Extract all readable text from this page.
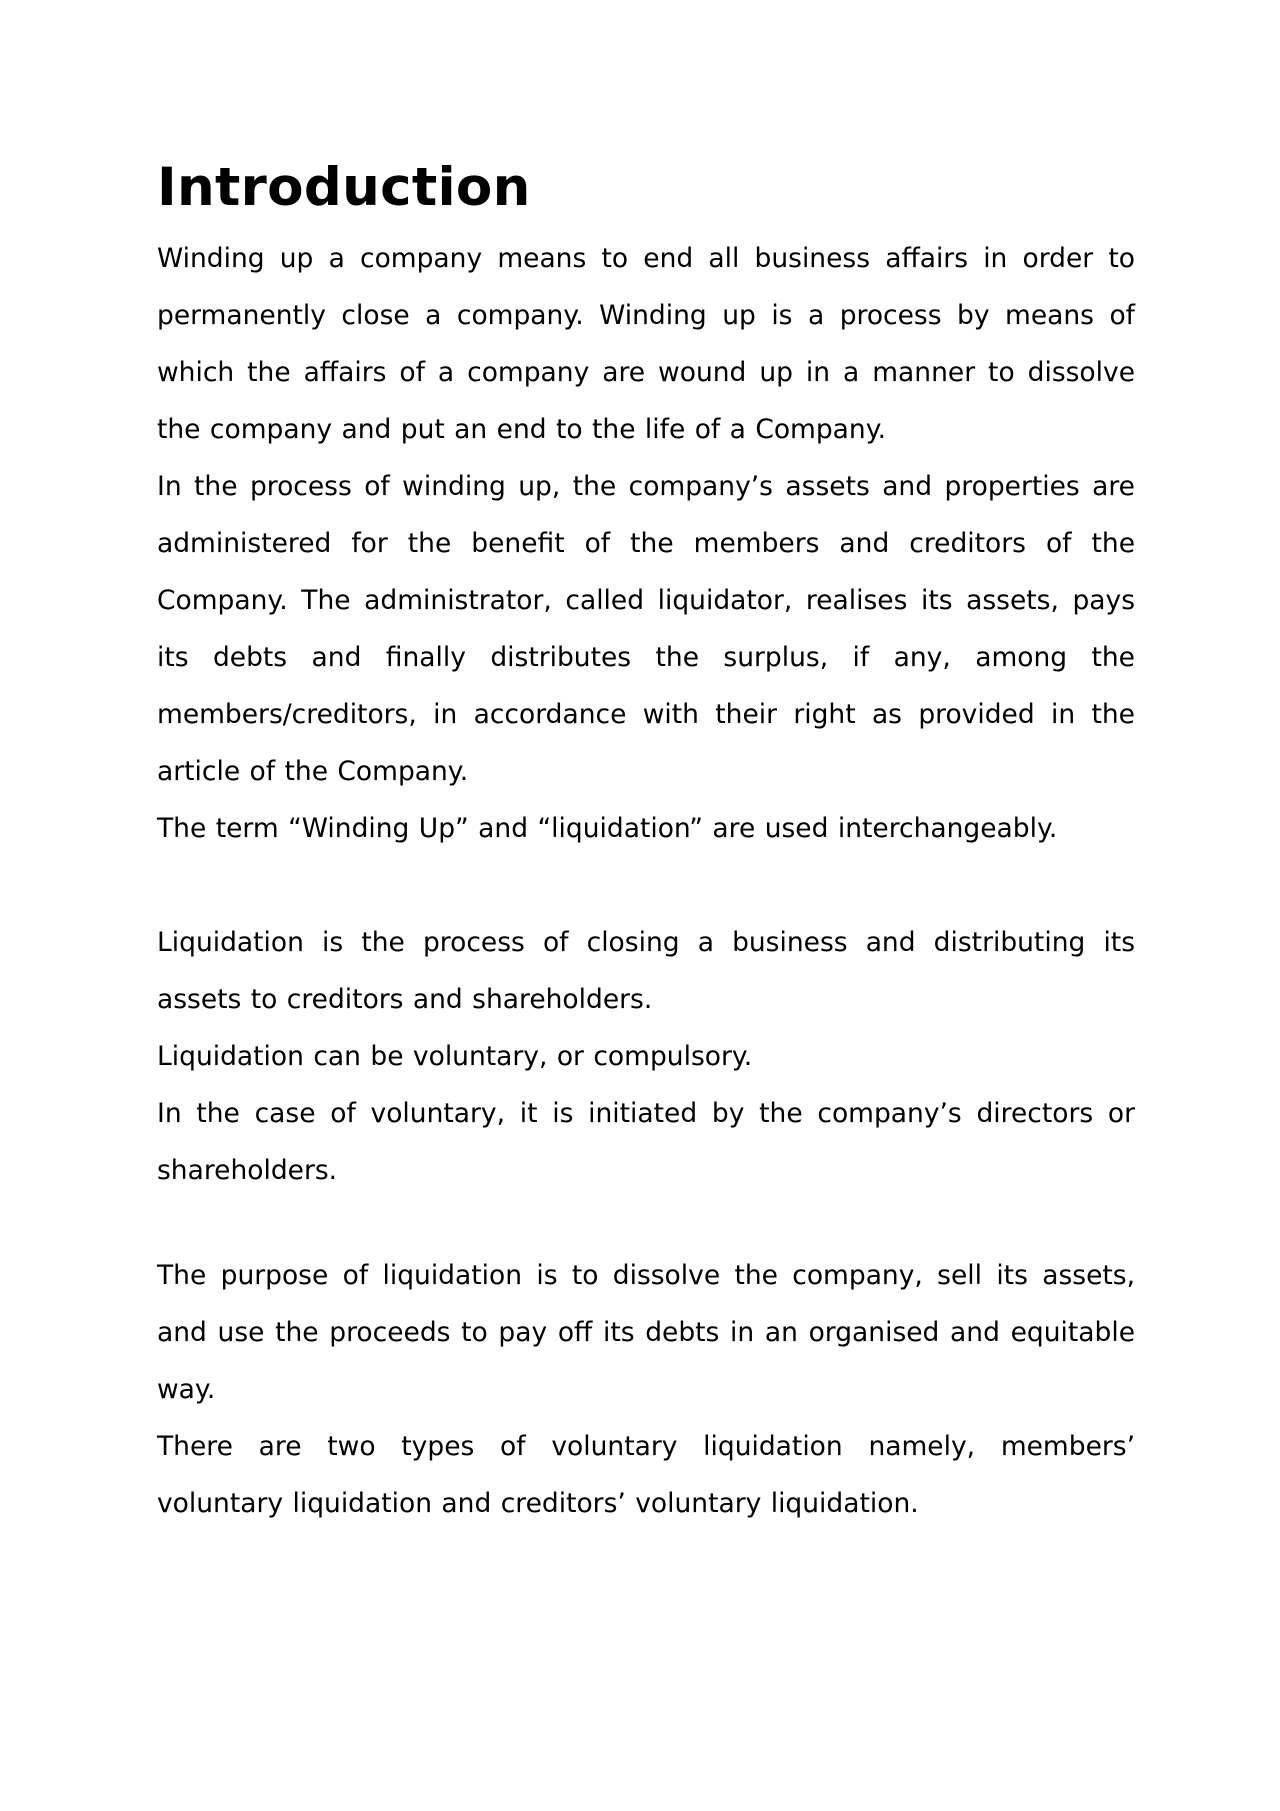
Introduction

Winding up a company means to end all business affairs in order to permanently close a company. Winding up is a process by means of which the affairs of a company are wound up in a manner to dissolve the company and put an end to the life of a Company.

In the process of winding up, the company’s assets and properties are administered for the benefit of the members and creditors of the Company. The administrator, called liquidator, realises its assets, pays its debts and finally distributes the surplus, if any, among the members/creditors, in accordance with their right as provided in the article of the Company.

The term “Winding Up” and “liquidation” are used interchangeably.

Liquidation is the process of closing a business and distributing its assets to creditors and shareholders.

Liquidation can be voluntary, or compulsory.

In the case of voluntary, it is initiated by the company’s directors or shareholders.

The purpose of liquidation is to dissolve the company, sell its assets, and use the proceeds to pay off its debts in an organised and equitable way.

There are two types of voluntary liquidation namely, members’ voluntary liquidation and creditors’ voluntary liquidation.
